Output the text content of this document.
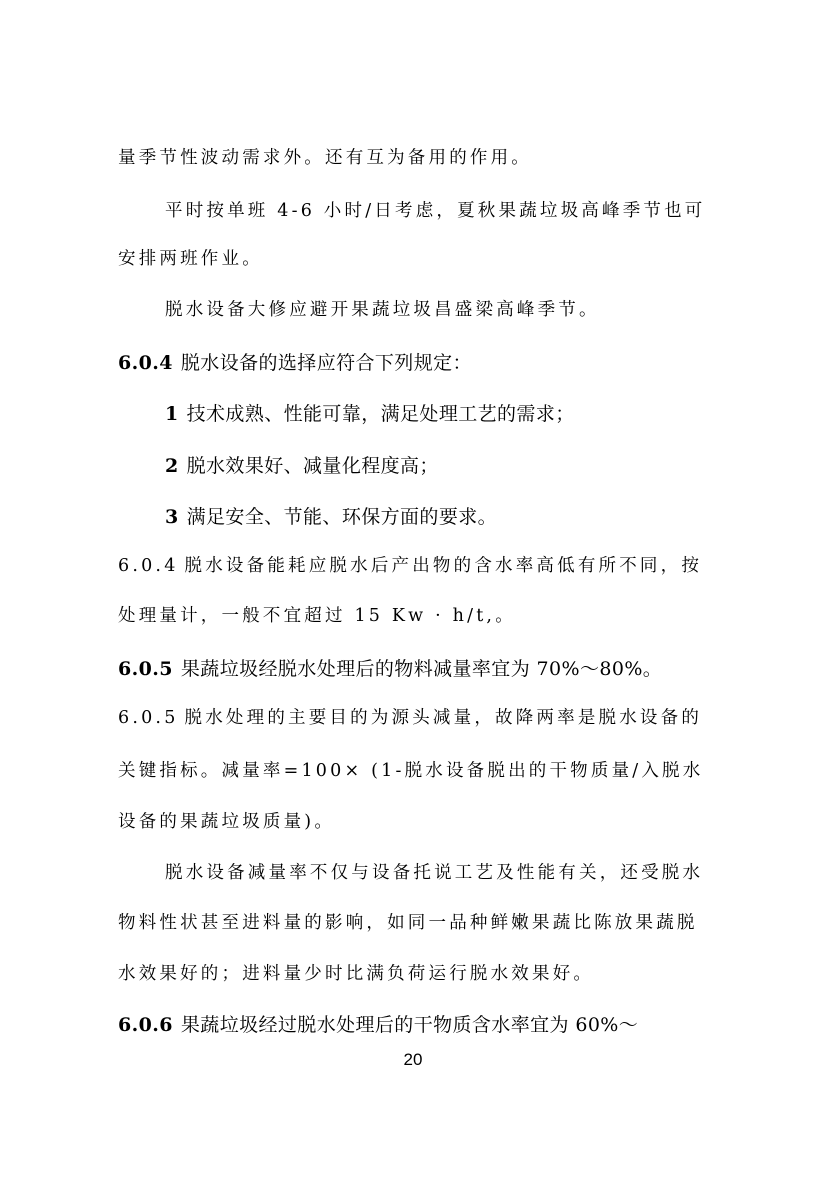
量季节性波动需求外。还有互为备用的作用。
平时按单班 4-6 小时/日考虑，夏秋果蔬垃圾高峰季节也可
安排两班作业。
脱水设备大修应避开果蔬垃圾昌盛梁高峰季节。
6.0.4 脱水设备的选择应符合下列规定：
1 技术成熟、性能可靠，满足处理工艺的需求；
2 脱水效果好、减量化程度高；
3 满足安全、节能、环保方面的要求。
6.0.4 脱水设备能耗应脱水后产出物的含水率高低有所不同，按
处理量计，一般不宜超过 15 Kw · h/t,。
6.0.5 果蔬垃圾经脱水处理后的物料减量率宜为 70%～80%。
6.0.5 脱水处理的主要目的为源头减量，故降两率是脱水设备的
关键指标。减量率=100× (1-脱水设备脱出的干物质量/入脱水
设备的果蔬垃圾质量)。
脱水设备减量率不仅与设备托说工艺及性能有关，还受脱水
物料性状甚至进料量的影响，如同一品种鲜嫩果蔬比陈放果蔬脱
水效果好的；进料量少时比满负荷运行脱水效果好。
6.0.6 果蔬垃圾经过脱水处理后的干物质含水率宜为 60%～
20
